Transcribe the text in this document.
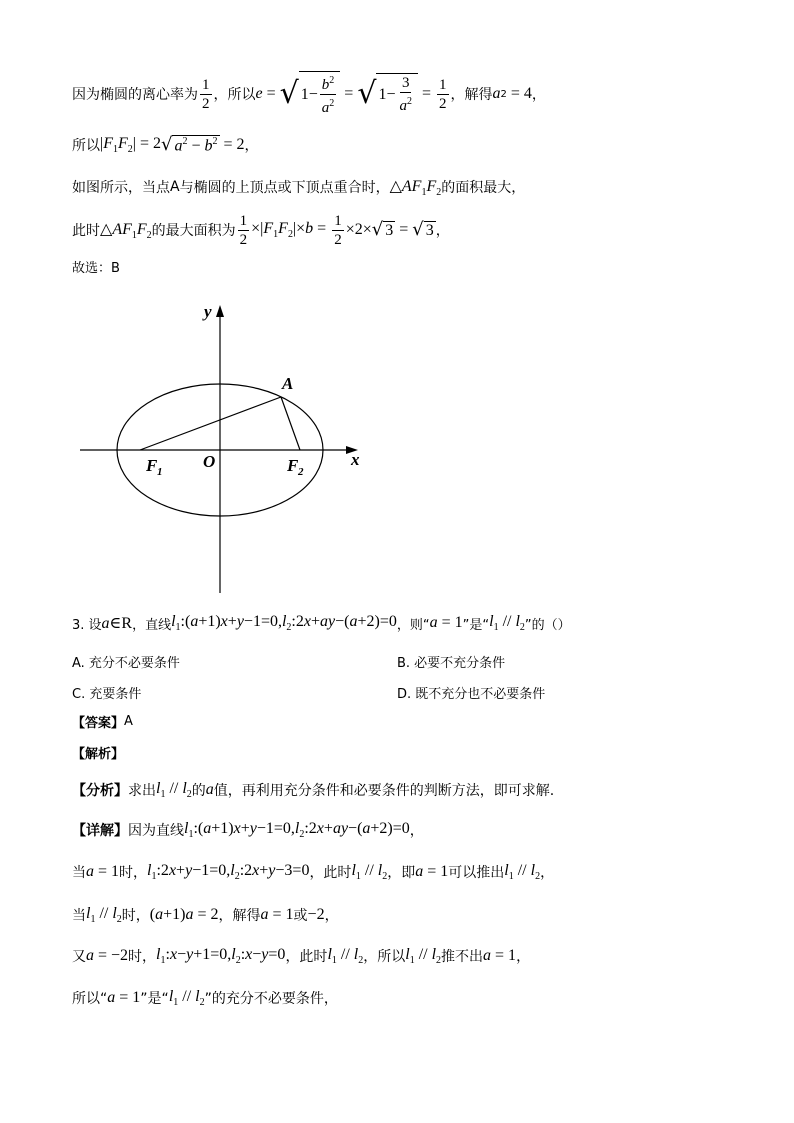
因为椭圆的离心率为 $\frac{1}{2}$ ，所以 e = √ $1- \frac{b^2}{a^2}$ = √ $1- \frac{3}{a^2} = \frac{1}{2}$ ，解得 a 2 = 4 ，
所以 $|F_1F_2| = 2$ √ $a^2 - b^2 = 2$ ，
如图所示，当点 A 与椭圆的上顶点或下顶点重合时， $\triangle AF_1F_2$ 的面积最大，
此时 $\triangle AF_1F_2$ 的最大面积为 $\frac{1}{2} \times|F_1F_2|\times b = \frac{1}{2} \times 2\times$ √ 3 = √ 3 ，
故选：B
y
x
O
A
F 1	F 2
3. 设 a∈R ，直线 $l_1:(a+1)x+y-1=0,l_2:2x+ay-(a+2)=0$ ，则“ a = 1 ”是“ $l_1 // l_2$ ”的（）
A. 充分不必要条件	B. 必要不充分条件
C. 充要条件	D. 既不充分也不必要条件
【答案】 A
【解析】
【分析】 求出 $l_1 // l_2$ 的 a 值，再利用充分条件和必要条件的判断方法，即可求解.
【详解】 因为直线 $l_1:(a+1)x+y-1=0,l_2:2x+ay-(a+2)=0$ ，
当 a = 1 时， $l_1:2x+y-1=0,l_2:2x+y-3=0$ ，此时 $l_1 // l_2$ ，即 a = 1 可以推出 $l_1 // l_2$ ，
当 $l_1 // l_2$ 时， (a+1)a = 2 ，解得 a = 1 或 −2 ，
又 a = −2 时， $l_1:x-y+1=0,l_2:x-y=0$ ，此时 $l_1 // l_2$ ，所以 $l_1 // l_2$ 推不出 a = 1 ，
所以“ a = 1 ”是“ $l_1 // l_2$ ”的充分不必要条件，
